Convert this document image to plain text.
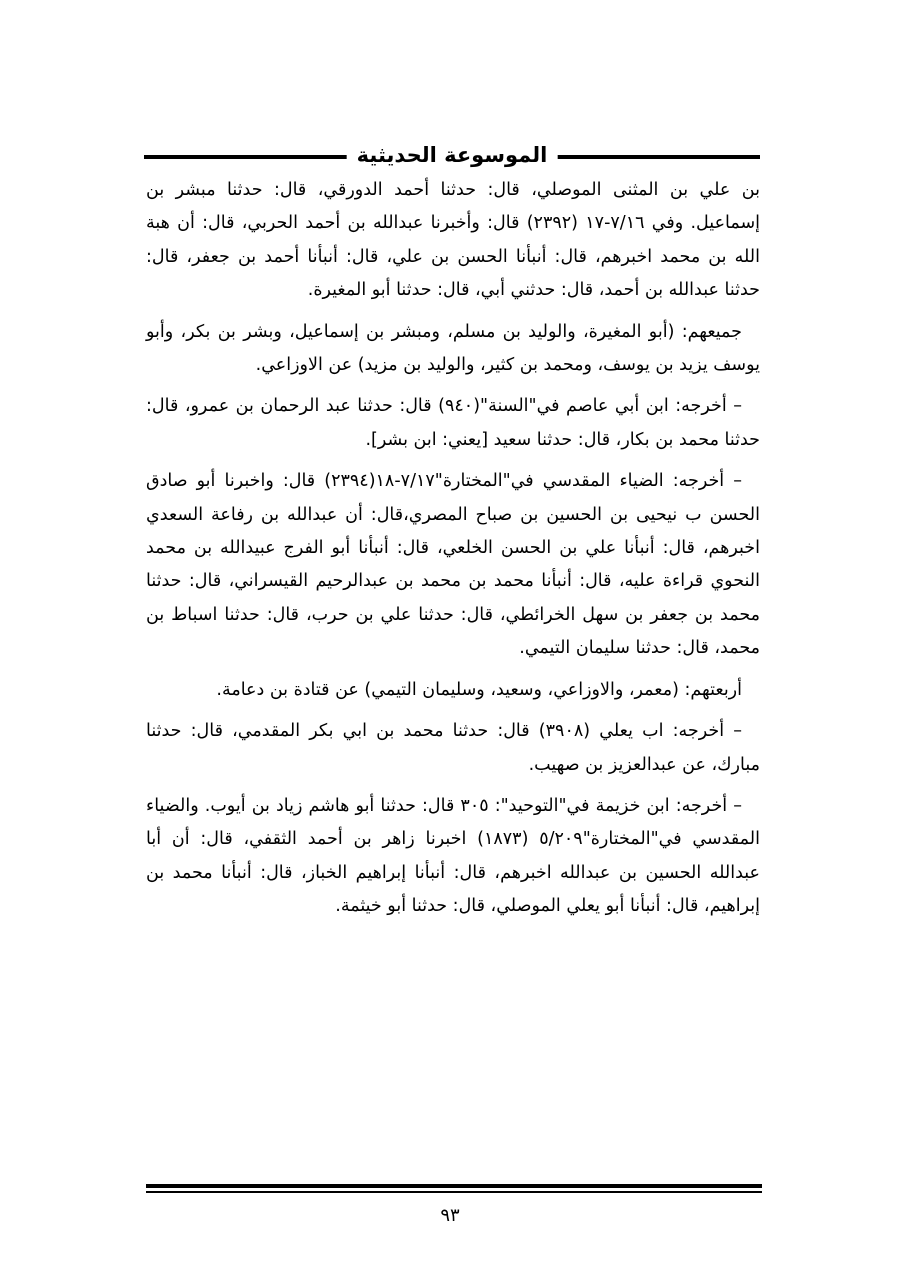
الموسوعة الحديثية

بن علي بن المثنى الموصلي، قال: حدثنا أحمد الدورقي، قال: حدثنا مبشر بن إسماعيل. وفي ٧/١٦-١٧ (٢٣٩٢) قال: وأخبرنا عبدالله بن أحمد الحربي، قال: أن هبة الله بن محمد اخبرهم، قال: أنبأنا الحسن بن علي، قال: أنبأنا أحمد بن جعفر، قال: حدثنا عبدالله بن أحمد، قال: حدثني أبي، قال: حدثنا أبو المغيرة.

جميعهم: (أبو المغيرة، والوليد بن مسلم، ومبشر بن إسماعيل، وبشر بن بكر، وأبو يوسف يزيد بن يوسف، ومحمد بن كثير، والوليد بن مزيد) عن الاوزاعي.

– أخرجه: ابن أبي عاصم في"السنة"(٩٤٠) قال: حدثنا عبد الرحمان بن عمرو، قال: حدثنا محمد بن بكار، قال: حدثنا سعيد [يعني: ابن بشر].

– أخرجه: الضياء المقدسي في"المختارة"٧/١٧-١٨(٢٣٩٤) قال: واخبرنا أبو صادق الحسن ب نيحيى بن الحسين بن صباح المصري،قال: أن عبدالله بن رفاعة السعدي اخبرهم، قال: أنبأنا علي بن الحسن الخلعي، قال: أنبأنا أبو الفرج عبيدالله بن محمد النحوي قراءة عليه، قال: أنبأنا محمد بن محمد بن عبدالرحيم القيسراني، قال: حدثنا محمد بن جعفر بن سهل الخرائطي، قال: حدثنا علي بن حرب، قال: حدثنا اسباط بن محمد، قال: حدثنا سليمان التيمي.

أربعتهم: (معمر، والاوزاعي، وسعيد، وسليمان التيمي) عن قتادة بن دعامة.

– أخرجه: اب يعلي (٣٩٠٨) قال: حدثنا محمد بن ابي بكر المقدمي، قال: حدثنا مبارك، عن عبدالعزيز بن صهيب.

– أخرجه: ابن خزيمة في"التوحيد": ٣٠٥ قال: حدثنا أبو هاشم زياد بن أيوب. والضياء المقدسي في"المختارة"٥/٢٠٩ (١٨٧٣) اخبرنا زاهر بن أحمد الثقفي، قال: أن أبا عبدالله الحسين بن عبدالله اخبرهم، قال: أنبأنا إبراهيم الخباز، قال: أنبأنا محمد بن إبراهيم، قال: أنبأنا أبو يعلي الموصلي، قال: حدثنا أبو خيثمة.

٩٣
